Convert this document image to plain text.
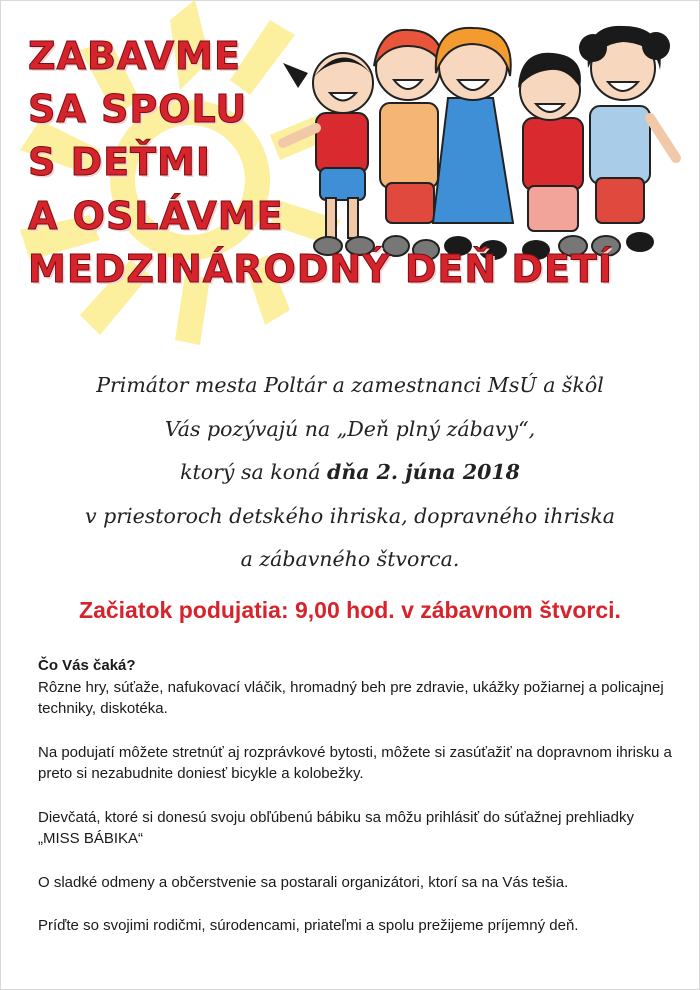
ZABAVME
SA SPOLU
S DEŤMI
A OSLÁVME
MEDZINÁRODNÝ DEŇ DETÍ
Primátor mesta Poltár a zamestnanci MsÚ a škôl
Vás pozývajú na „Deň plný zábavy“,
ktorý sa koná dňa 2. júna 2018
v priestoroch detského ihriska, dopravného ihriska
a zábavného štvorca.
Začiatok podujatia: 9,00 hod. v zábavnom štvorci.

Čo Vás čaká?
Rôzne hry, súťaže, nafukovací vláčik, hromadný beh pre zdravie, ukážky požiarnej a policajnej techniky, diskotéka.

Na podujatí môžete stretnúť aj rozprávkové bytosti, môžete si zasúťažiť na dopravnom ihrisku a preto si nezabudnite doniesť bicykle a kolobežky.

Dievčatá, ktoré si donesú svoju obľúbenú bábiku sa môžu prihlásiť do súťažnej prehliadky „MISS BÁBIKA“

O sladké odmeny a občerstvenie sa postarali organizátori, ktorí sa na Vás tešia.

Príďte so svojimi rodičmi, súrodencami, priateľmi a spolu prežijeme príjemný deň.
